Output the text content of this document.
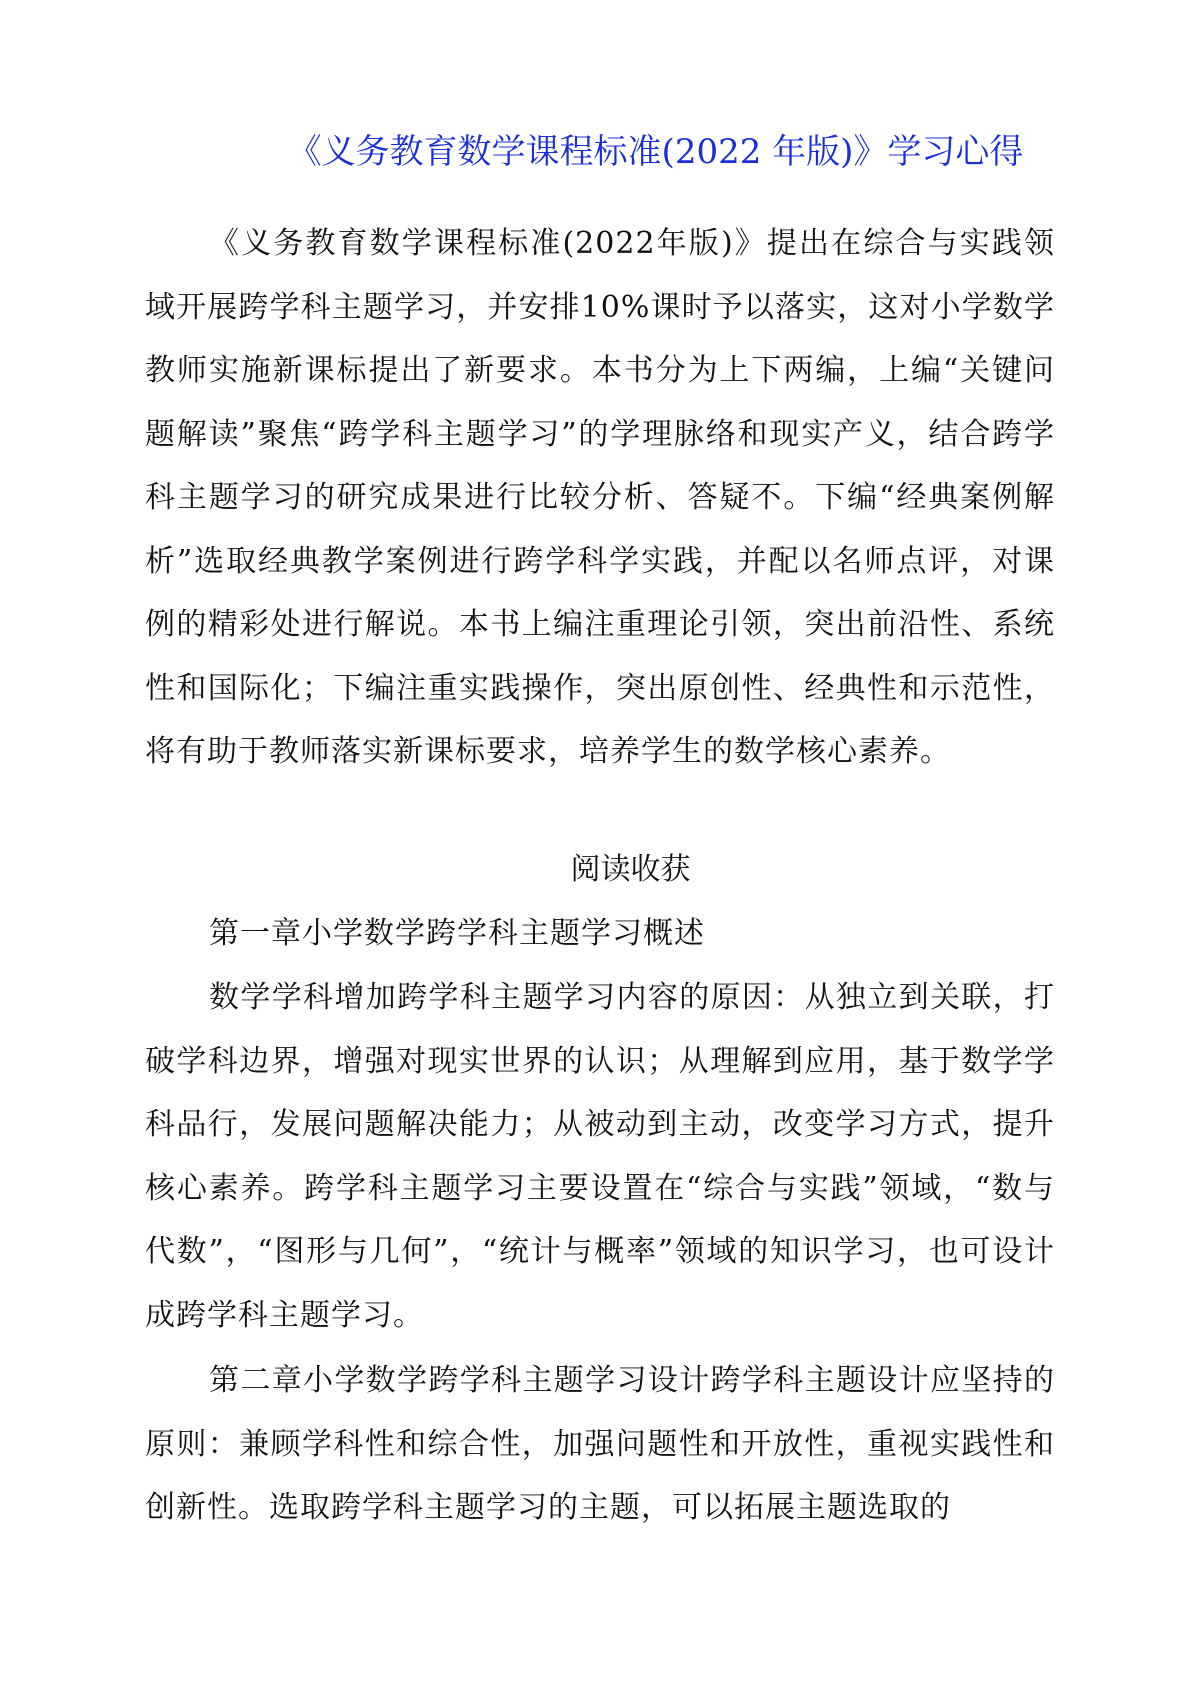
《义务教育数学课程标准(2022 年版)》学习心得

《义务教育数学课程标准(2022年版)》提出在综合与实践领域开展跨学科主题学习，并安排10%课时予以落实，这对小学数学教师实施新课标提出了新要求。本书分为上下两编，上编“关键问题解读”聚焦“跨学科主题学习”的学理脉络和现实产义，结合跨学科主题学习的研究成果进行比较分析、答疑不。下编“经典案例解析”选取经典教学案例进行跨学科学实践，并配以名师点评，对课例的精彩处进行解说。本书上编注重理论引领，突出前沿性、系统性和国际化；下编注重实践操作，突出原创性、经典性和示范性，将有助于教师落实新课标要求，培养学生的数学核心素养。

阅读收获

第一章小学数学跨学科主题学习概述

数学学科增加跨学科主题学习内容的原因：从独立到关联，打破学科边界，增强对现实世界的认识；从理解到应用，基于数学学科品行，发展问题解决能力；从被动到主动，改变学习方式，提升核心素养。跨学科主题学习主要设置在“综合与实践”领域，“数与代数”，“图形与几何”，“统计与概率”领域的知识学习，也可设计成跨学科主题学习。

第二章小学数学跨学科主题学习设计跨学科主题设计应坚持的原则：兼顾学科性和综合性，加强问题性和开放性，重视实践性和创新性。选取跨学科主题学习的主题，可以拓展主题选取的
